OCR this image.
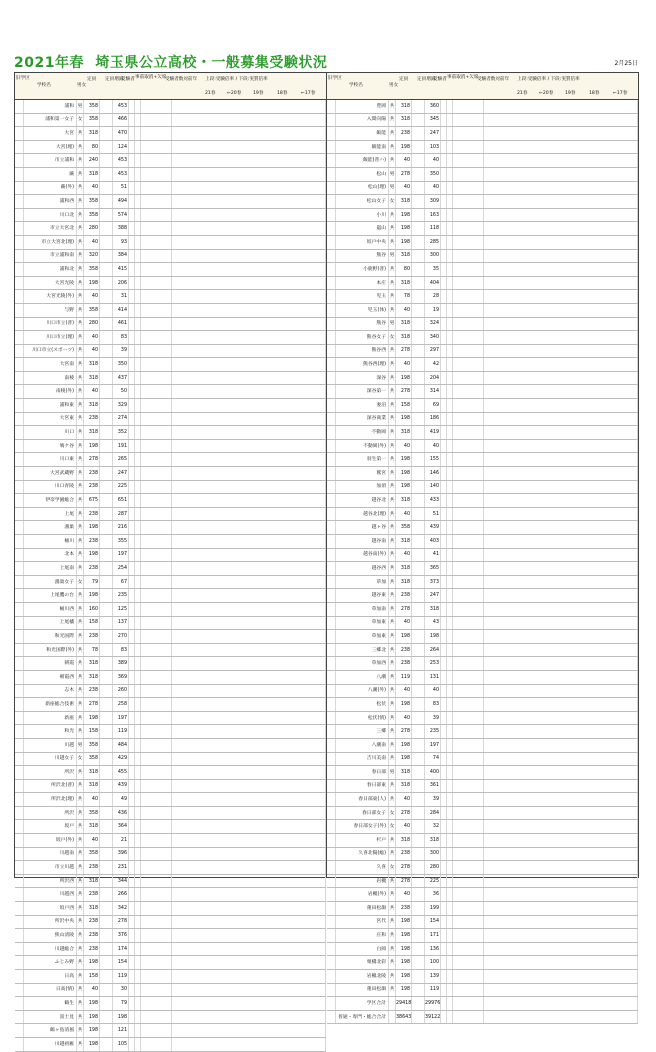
2021年春 埼玉県公立高校・一般募集受験状況	2月25日
旧学区
学校名	男女
定員 定員増減
受験者 事前取消+欠席
受験者数対前年 上段:受験倍率 / 下段:実質倍率
21春	←20春	19春	18春	←17春
	浦和	男	358		453				
	浦和第一女子	女	358		466				
	大宮	共	318		470				
	大宮(理)	共	80		124				
	市立浦和	共	240		453				
	蕨	共	318		453				
	蕨(外)	共	40		51				
	浦和西	共	358		494				
	川口北	共	358		574				
	市立大宮北	共	280		388				
	市立大宮北(理)	共	40		93				
	市立浦和南	共	320		384				
	浦和北	共	358		415				
	大宮光陵	共	198		206				
	大宮光陵(外)	共	40		31				
	与野	共	358		414				
	川口市立(普)	共	280		461				
	川口市立(理)	共	40		83				
	川口市立(スポーツ)	共	40		39				
	大宮南	共	318		350				
	南稜	共	318		437				
	南稜(外)	共	40		50				
	浦和東	共	318		329				
	大宮東	共	238		274				
	川口	共	318		352				
	鳩ケ谷	共	198		191				
	川口東	共	278		265				
	大宮武蔵野	共	238		247				
	川口青陵	共	238		225				
	伊奈学園総合	共	675		651				
	上尾	共	238		287				
	鴻巣	共	198		216				
	桶川	共	238		355				
	北本	共	198		197				
	上尾南	共	238		254				
	鴻巣女子	女	79		67				
	上尾鷹の台	共	198		235				
	桶川西	共	160		125				
	上尾橘	共	158		137				
	和光国際	共	238		270				
	和光国際(外)	共	78		83				
	朝霞	共	318		389				
	朝霞西	共	318		369				
	志木	共	238		260				
	新座総合技術	共	278		258				
	新座	共	198		197				
	和光	共	158		119				
	川越	男	358		484				
	川越女子	女	358		429				
	所沢	共	318		455				
	所沢北(普)	共	318		439				
	所沢北(理)	共	40		49				
	所沢	共	358		436				
	坂戸	共	318		364				
	坂戸(外)	共	40		21				
	川越南	共	358		396				
	市立川越	共	238		231				
	所沢西	共	318		344				
	川越西	共	238		266				
	坂戸西	共	318		342				
	所沢中央	共	238		278				
	狭山清陵	共	238		376				
	川越総合	共	238		174				
	ふじみ野	共	198		154				
	日高	共	158		119				
	日高(情)	共	40		30				
	鶴生	共	198		79				
	富士見	共	198		198				
	鶴ヶ島清風	共	198		121				
	川越初雁	共	198		105				
旧学区
学校名	男女
定員 定員増減
受験者 事前取消+欠席
受験者数対前年 上段:受験倍率 / 下段:実質倍率
21春	←20春	19春	18春	←17春
	豊岡	共	318		360				
	入間向陽	共	318		345				
	飯能	共	238		247				
	飯能南	共	198		103				
	飯能(普ハ)	共	40		40				
	松山	男	278		350				
	松山(理)	男	40		40				
	松山女子	女	318		309				
	小川	共	198		163				
	嵐山	共	198		118				
	坂戸中央	共	198		285				
	熊谷	男	318		300				
	小鹿野(普)	共	80		35				
	本庄	共	318		404				
	児玉	共	78		28				
	児玉(体)	共	40		19				
	熊谷	男	318		324				
	熊谷女子	女	318		340				
	熊谷西	共	278		297				
	熊谷西(理)	共	40		42				
	深谷	共	198		204				
	深谷第一	共	278		314				
	妻沼	共	158		69				
	深谷商業	共	198		186				
	不動岡	共	318		419				
	不動岡(外)	共	40		40				
	羽生第一	共	198		155				
	鷲宮	共	198		146				
	加須	共	198		140				
	越谷北	共	318		433				
	越谷北(理)	共	40		51				
	越ヶ谷	共	358		439				
	越谷南	共	318		403				
	越谷南(外)	共	40		41				
	越谷西	共	318		365				
	草加	共	318		373				
	越谷東	共	238		247				
	草加南	共	278		318				
	草加東	共	40		43				
	草加東	共	198		198				
	三郷北	共	238		264				
	草加西	共	238		253				
	八潮	共	119		131				
	八潮(外)	共	40		40				
	松伏	共	198		83				
	松伏(情)	共	40		39				
	三郷	共	278		235				
	八潮南	共	198		197				
	吉川美南	共	198		74				
	春日部	男	318		400				
	春日部東	共	318		361				
	春日部東(人)	共	40		39				
	春日部女子	女	278		284				
	春日部女子(外)	女	40		32				
	杉戸	共	318		318				
	久喜北陽(総)	共	238		300				
	久喜	女	278		280				
	岩槻	共	278		225				
	岩槻(外)	共	40		36				
	蓮田松韻	共	238		199				
	宮代	共	198		154				
	庄和	共	198		171				
	白岡	共	198		136				
	栗橋北彩	共	198		100				
	岩槻北陵	共	198		139				
	蓮田松韻	共	198		119				
	学区合計		29418		29976				
	普通・専門・総合合計		38643		39122				
